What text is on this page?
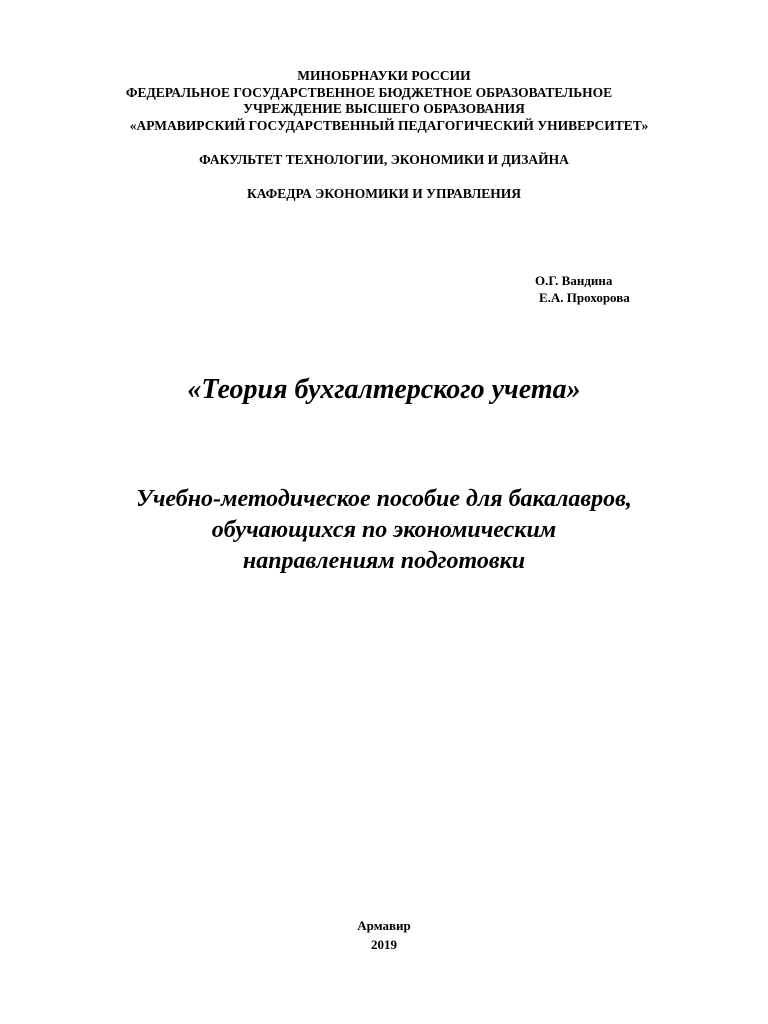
МИНОБРНАУКИ РОССИИ
ФЕДЕРАЛЬНОЕ ГОСУДАРСТВЕННОЕ БЮДЖЕТНОЕ ОБРАЗОВАТЕЛЬНОЕ
УЧРЕЖДЕНИЕ ВЫСШЕГО ОБРАЗОВАНИЯ
«АРМАВИРСКИЙ ГОСУДАРСТВЕННЫЙ ПЕДАГОГИЧЕСКИЙ УНИВЕРСИТЕТ»
ФАКУЛЬТЕТ ТЕХНОЛОГИИ, ЭКОНОМИКИ И ДИЗАЙНА
КАФЕДРА ЭКОНОМИКИ И УПРАВЛЕНИЯ
О.Г. Вандина
Е.А. Прохорова
«Теория бухгалтерского учета»
Учебно-методическое пособие для бакалавров,
обучающихся по экономическим
направлениям подготовки
Армавир
2019
